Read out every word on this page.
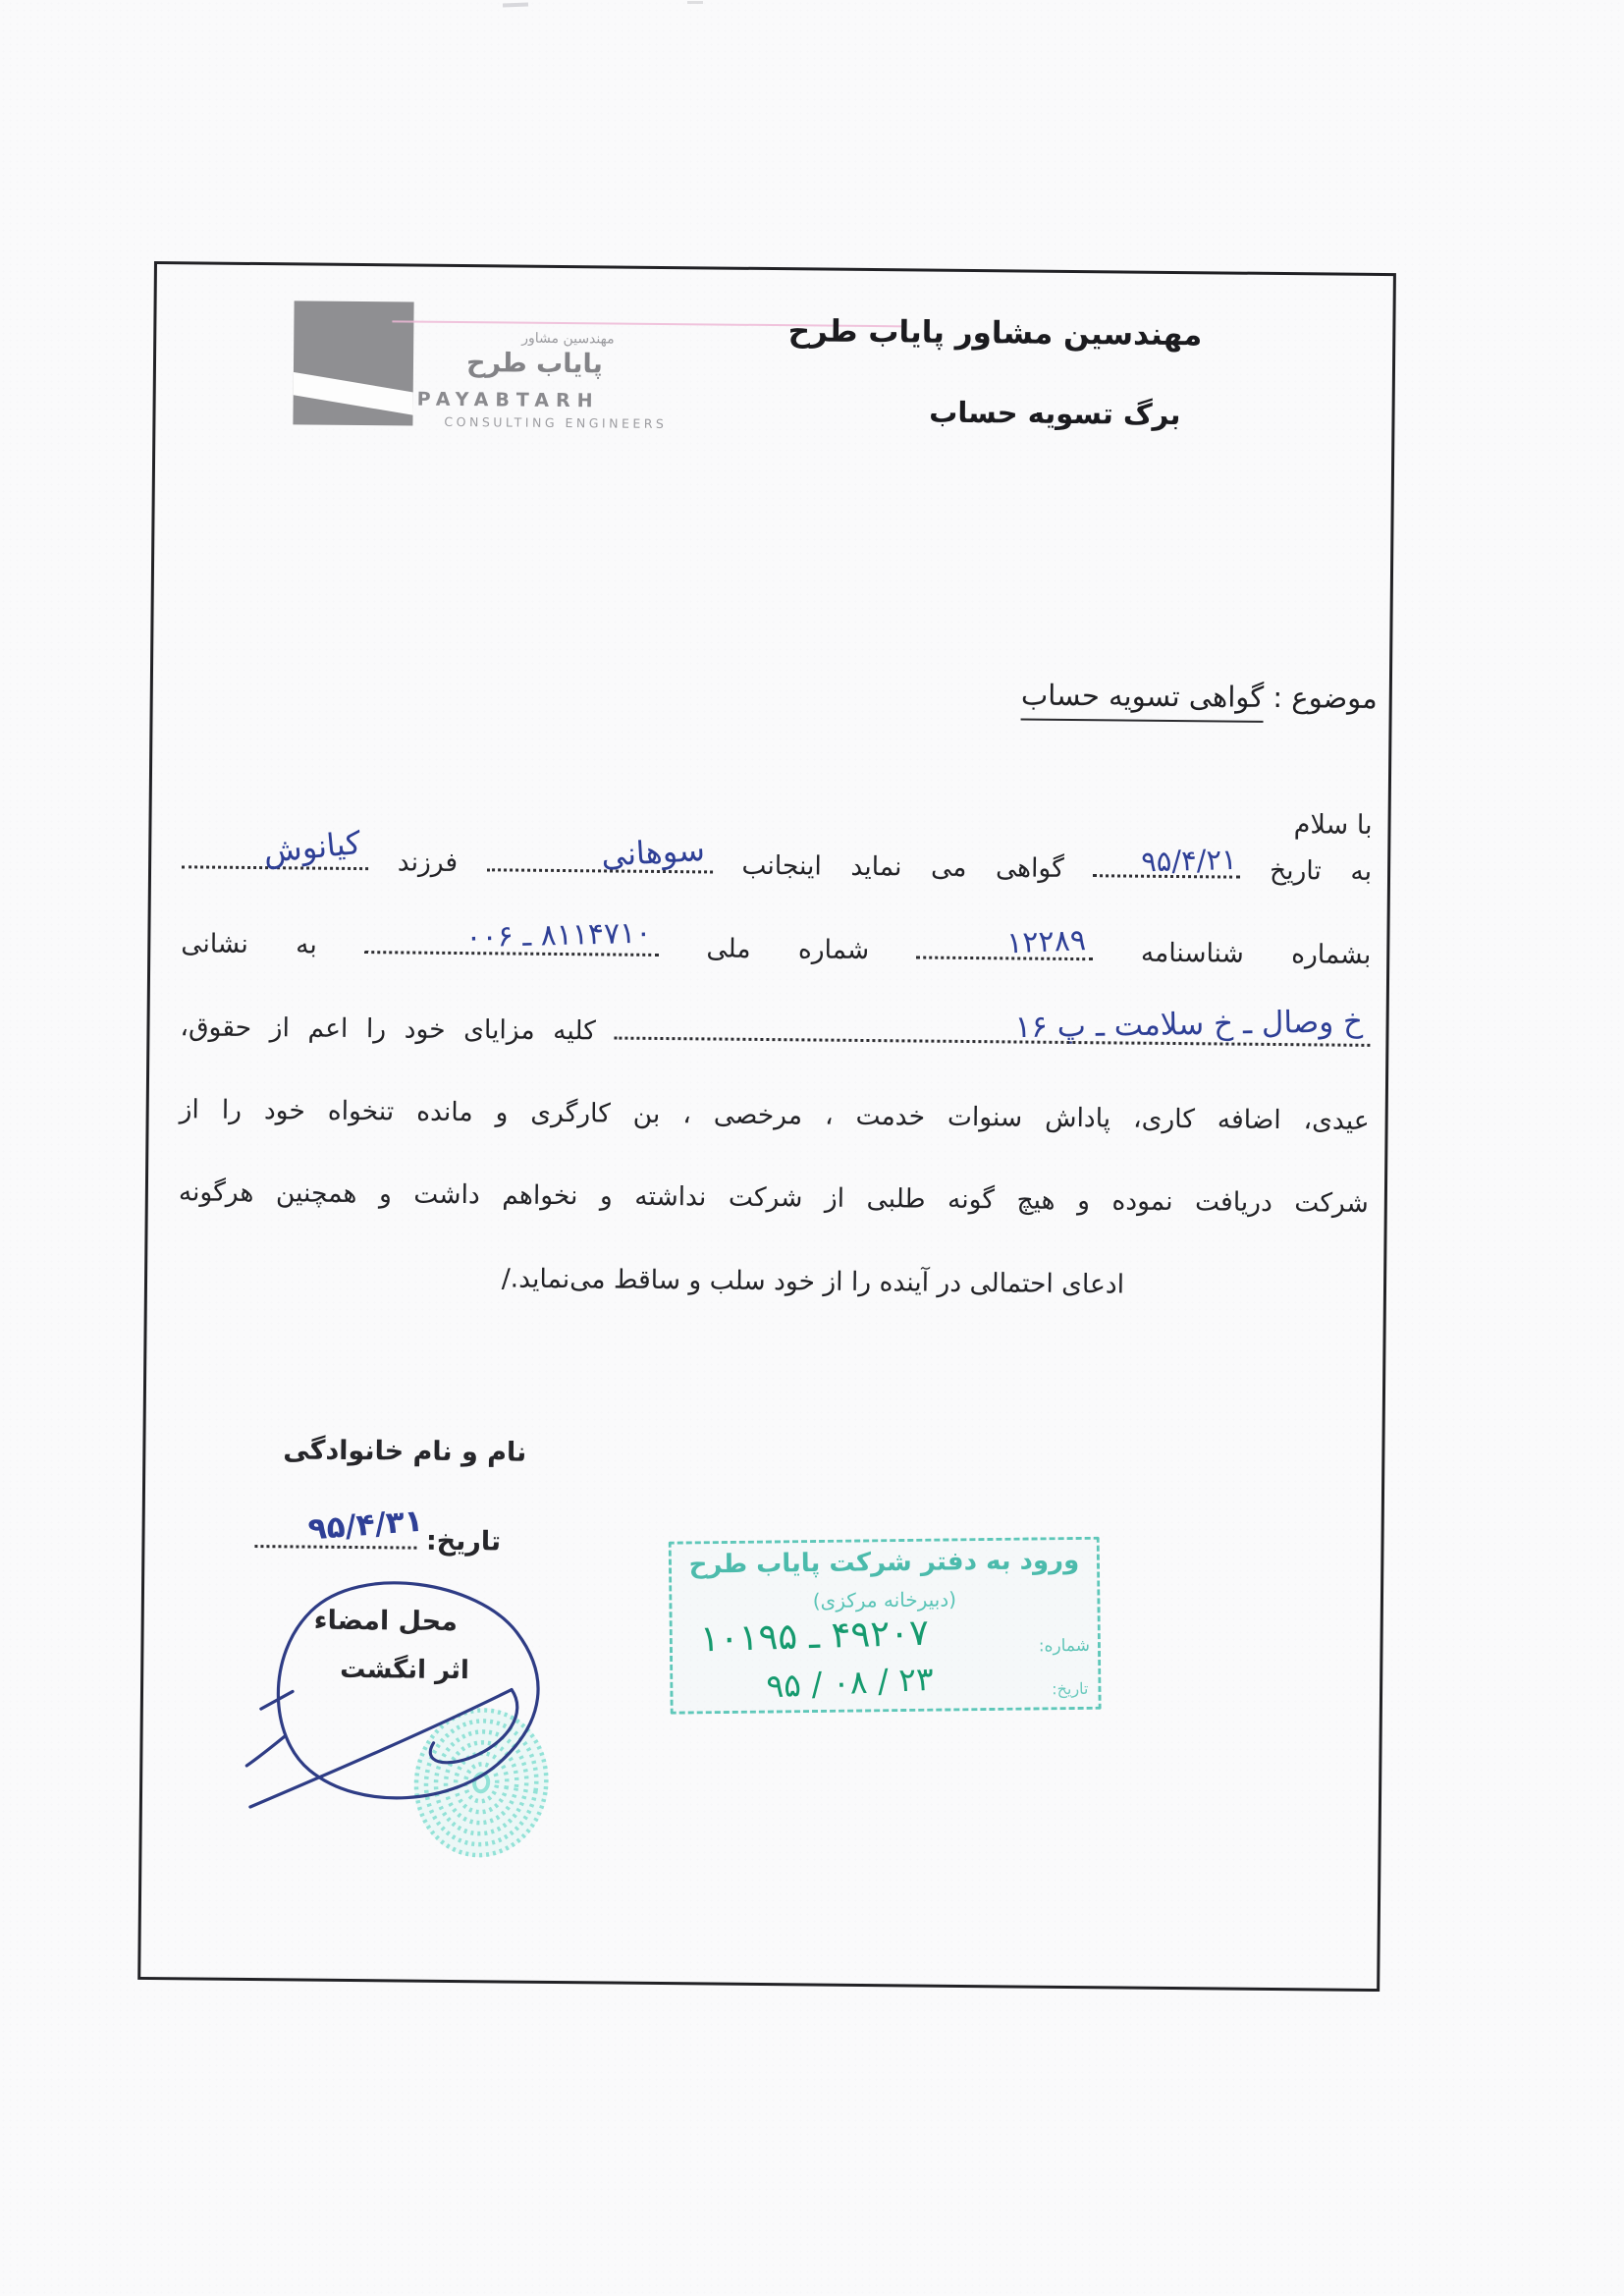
مهندسین مشاور
پایاب طرح
PAYABTARH
CONSULTING ENGINEERS
مهندسین مشاور پایاب طرح
برگ تسویه حساب
موضوع : گواهی تسویه حساب
با سلام
به تاریخ
۹۵/۴/۲۱
گواهی می نماید اینجانب
سوهانی
فرزند
کیانوش
بشماره شناسنامه
۱۲۲۸۹
شماره ملی
۰۰۶ ـ ۸۱۱۴۷۱۰
به نشانی
خ وصال ـ خ سلامت ـ پ ۱۶
کلیه مزایای خود را اعم از حقوق،
عیدی، اضافه کاری، پاداش سنوات خدمت ، مرخصی ، بن کارگری و مانده تنخواه خود را از
شرکت دریافت نموده و هیچ گونه طلبی از شرکت نداشته و نخواهم داشت و همچنین هرگونه
ادعای احتمالی در آینده را از خود سلب و ساقط می‌نماید./
نام و نام خانوادگی
تاریخ:
۹۵/۴/۳۱
محل امضاء
اثر انگشت
ورود به دفتر شرکت پایاب طرح
(دبیرخانه مرکزی)
شماره:
۱۰۱۹۵ ـ ۴۹۲۰۷
تاریخ:
۹۵ / ۰۸ / ۲۳
